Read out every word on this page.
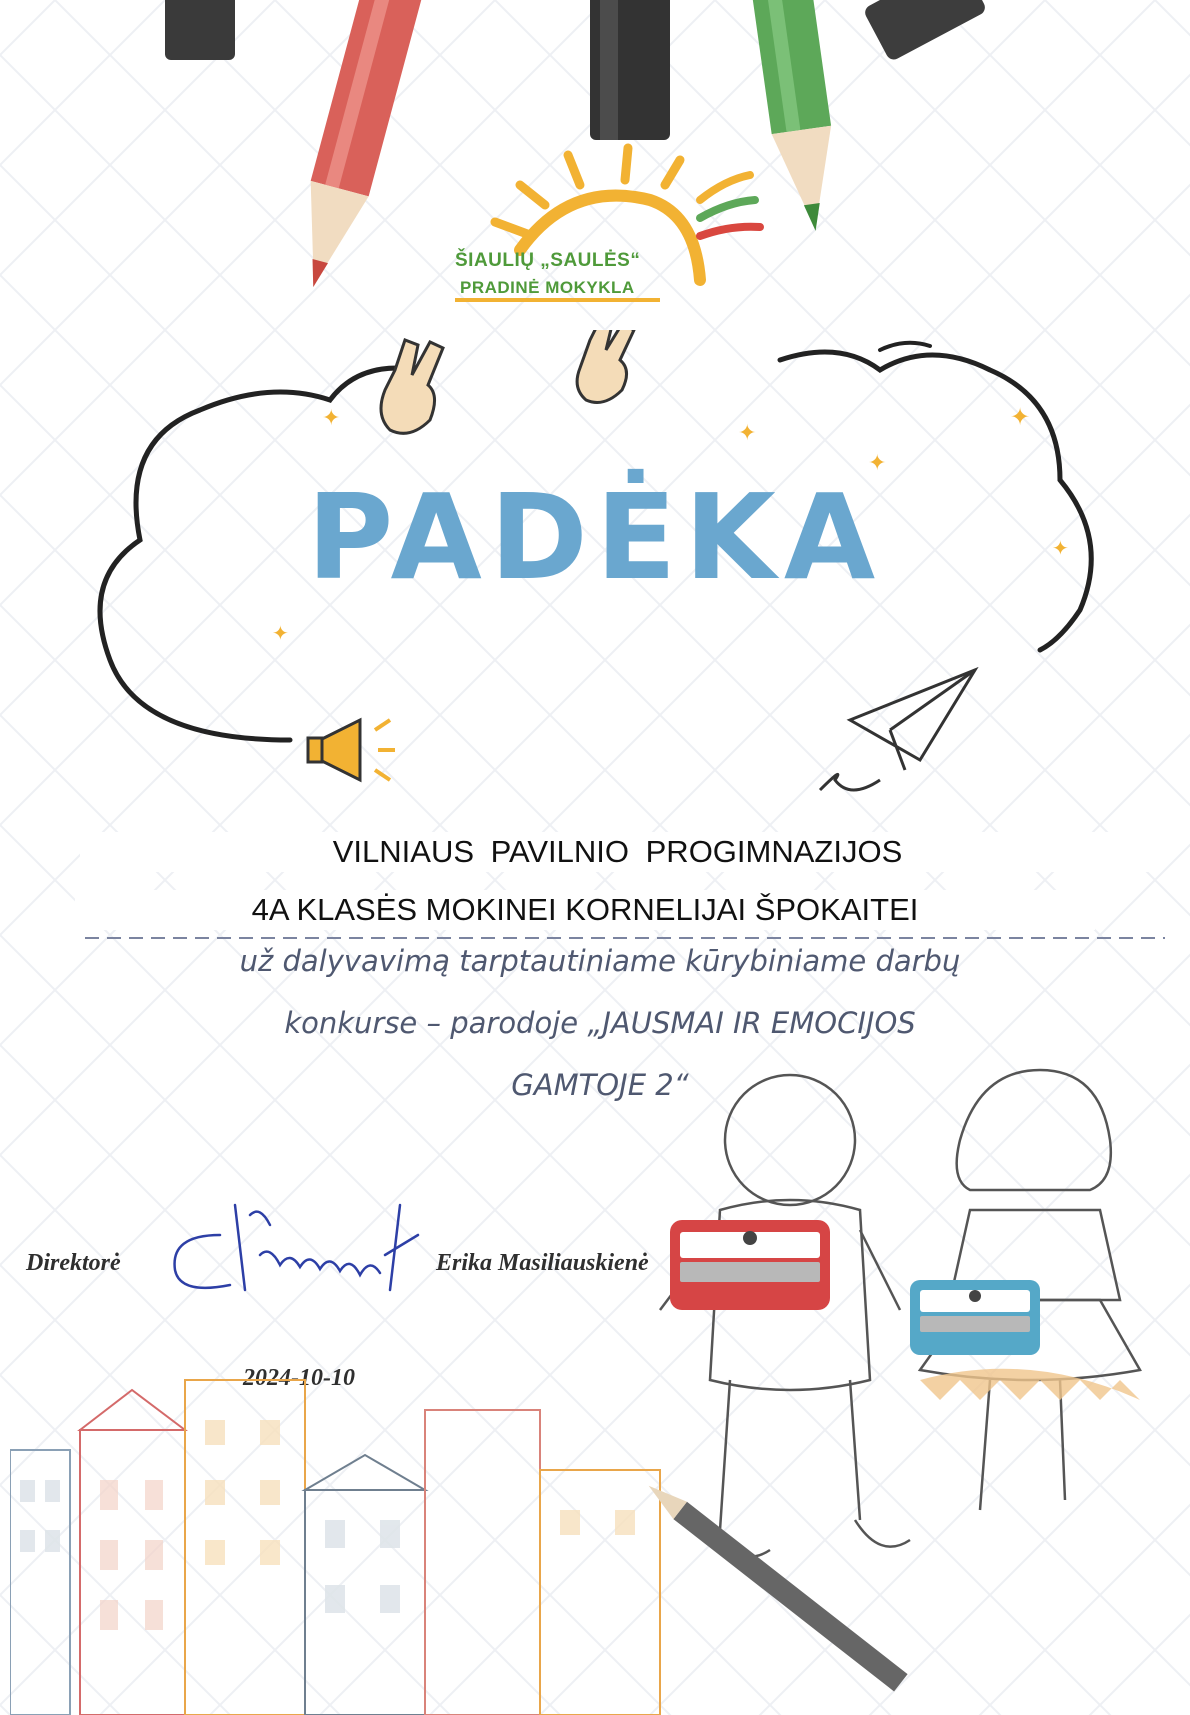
ŠIAULIŲ „SAULĖS“
PRADINĖ MOKYKLA
✦
✦
✦
✦
✦
✦
PADĖKA
VILNIAUS PAVILNIO PROGIMNAZIJOS
4A KLASĖS MOKINEI KORNELIJAI ŠPOKAITEI
už dalyvavimą tarptautiniame kūrybiniame darbų
konkurse – parodoje „JAUSMAI IR EMOCIJOS
GAMTOJE 2“
Direktorė	Erika Masiliauskienė
2024-10-10
